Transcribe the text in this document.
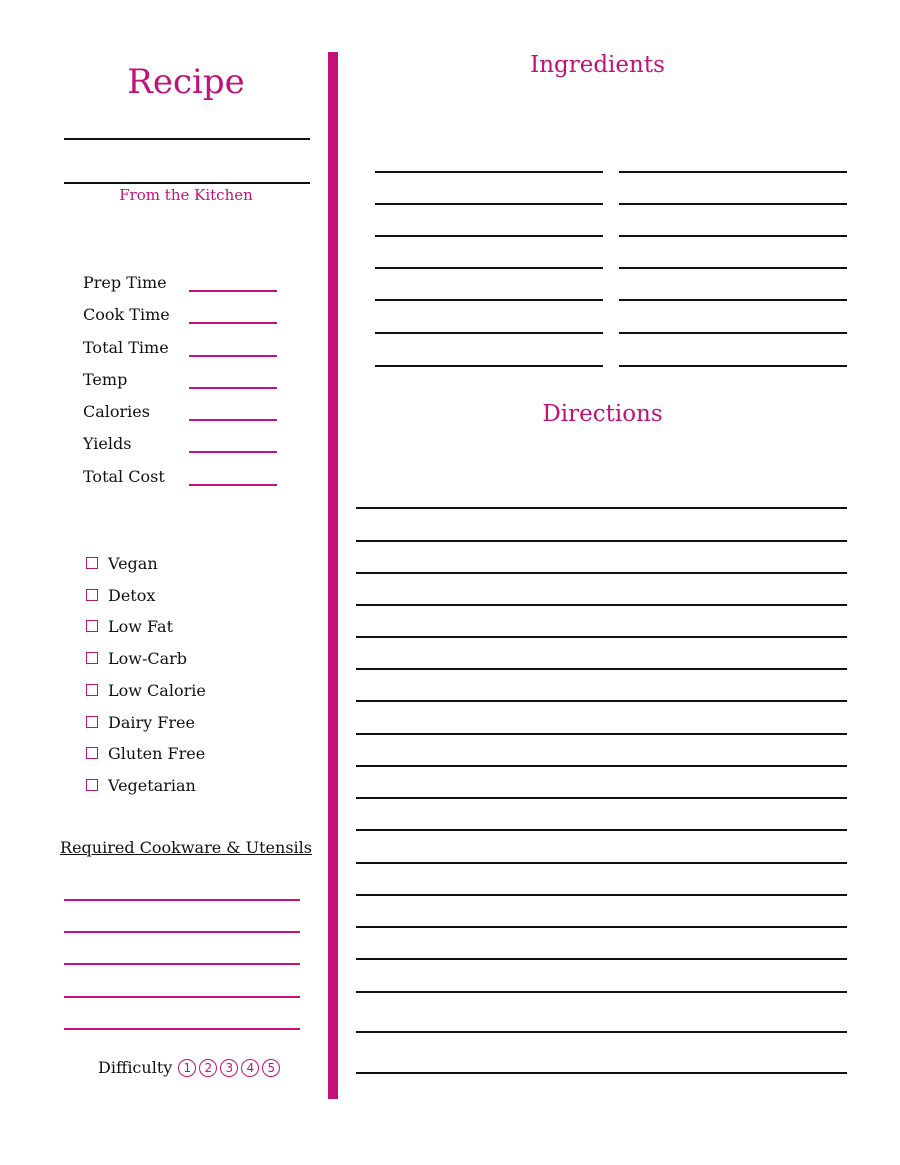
Recipe
From the Kitchen
Prep Time
Cook Time
Total Time
Temp
Calories
Yields
Total Cost
Vegan
Detox
Low Fat
Low-Carb
Low Calorie
Dairy Free
Gluten Free
Vegetarian
Required Cookware & Utensils
Difficulty 1	2	3	4	5
Ingredients
Directions
